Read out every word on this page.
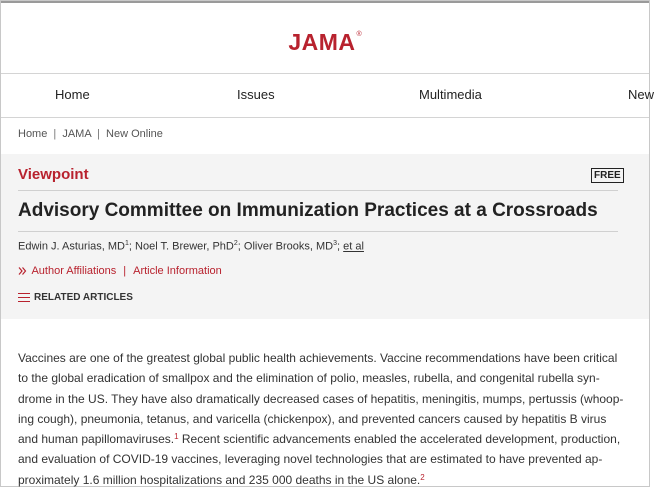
JAMA®
Home	Issues	Multimedia	New
Home | JAMA | New Online
Viewpoint	FREE
Advisory Committee on Immunization Practices at a Crossroads
Edwin J. Asturias, $MD^1$; Noel T. Brewer, PhD$^2$; Oliver Brooks, $MD^3$; et al
Author Affiliations | Article Information
RELATED ARTICLES

Vaccines are one of the greatest global public health achievements. Vaccine recommendations have been critical
to the global eradication of smallpox and the elimination of polio, measles, rubella, and congenital rubella syn-
drome in the US. They have also dramatically decreased cases of hepatitis, meningitis, mumps, pertussis (whoop-
ing cough), pneumonia, tetanus, and varicella (chickenpox), and prevented cancers caused by hepatitis B virus
and human papillomaviruses.$^1$ Recent scientific advancements enabled the accelerated development, production,
and evaluation of COVID-19 vaccines, leveraging novel technologies that are estimated to have prevented ap-
proximately 1.6 million hospitalizations and 235 000 deaths in the US alone.$^2$
